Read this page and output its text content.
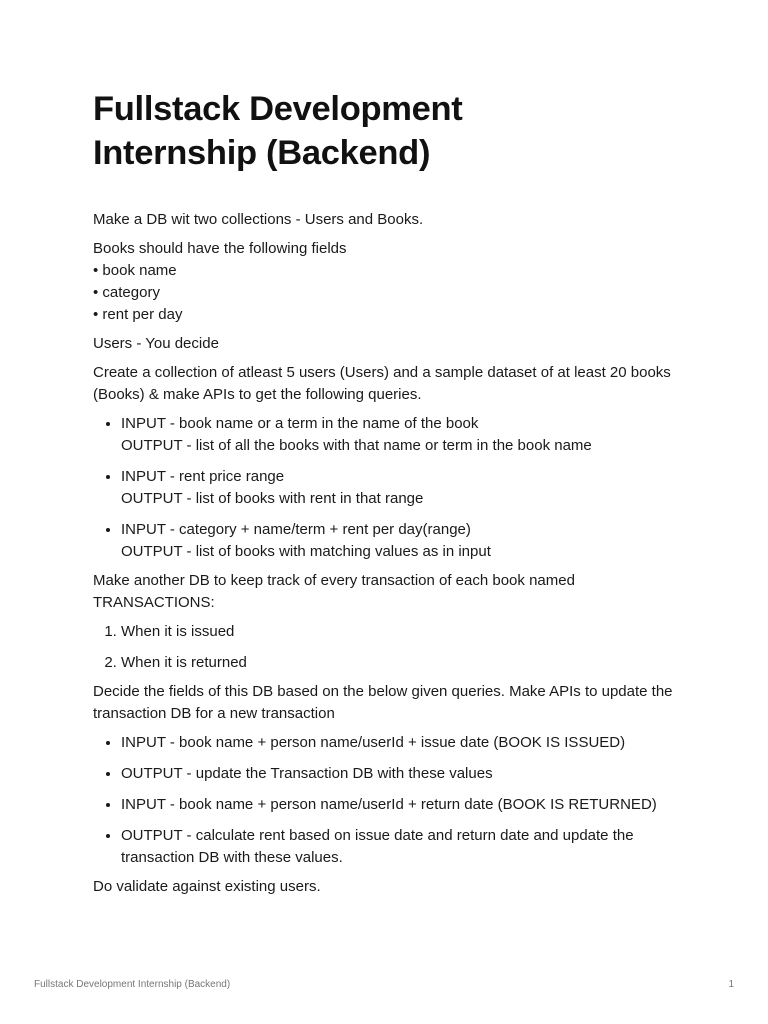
Fullstack Development
Internship (Backend)

Make a DB wit two collections - Users and Books.

Books should have the following fields
• book name
• category
• rent per day

Users - You decide

Create a collection of atleast 5 users (Users) and a sample dataset of at least 20 books (Books) & make APIs to get the following queries.

• INPUT - book name or a term in the name of the book
OUTPUT - list of all the books with that name or term in the book name
• INPUT - rent price range
OUTPUT - list of books with rent in that range
• INPUT - category + name/term + rent per day(range)
OUTPUT - list of books with matching values as in input

Make another DB to keep track of every transaction of each book named TRANSACTIONS:

1. When it is issued
2. When it is returned

Decide the fields of this DB based on the below given queries. Make APIs to update the transaction DB for a new transaction

• INPUT - book name + person name/userId + issue date (BOOK IS ISSUED)
• OUTPUT - update the Transaction DB with these values
• INPUT - book name + person name/userId + return date (BOOK IS RETURNED)
• OUTPUT - calculate rent based on issue date and return date and update the transaction DB with these values.

Do validate against existing users.

Fullstack Development Internship (Backend)	1
